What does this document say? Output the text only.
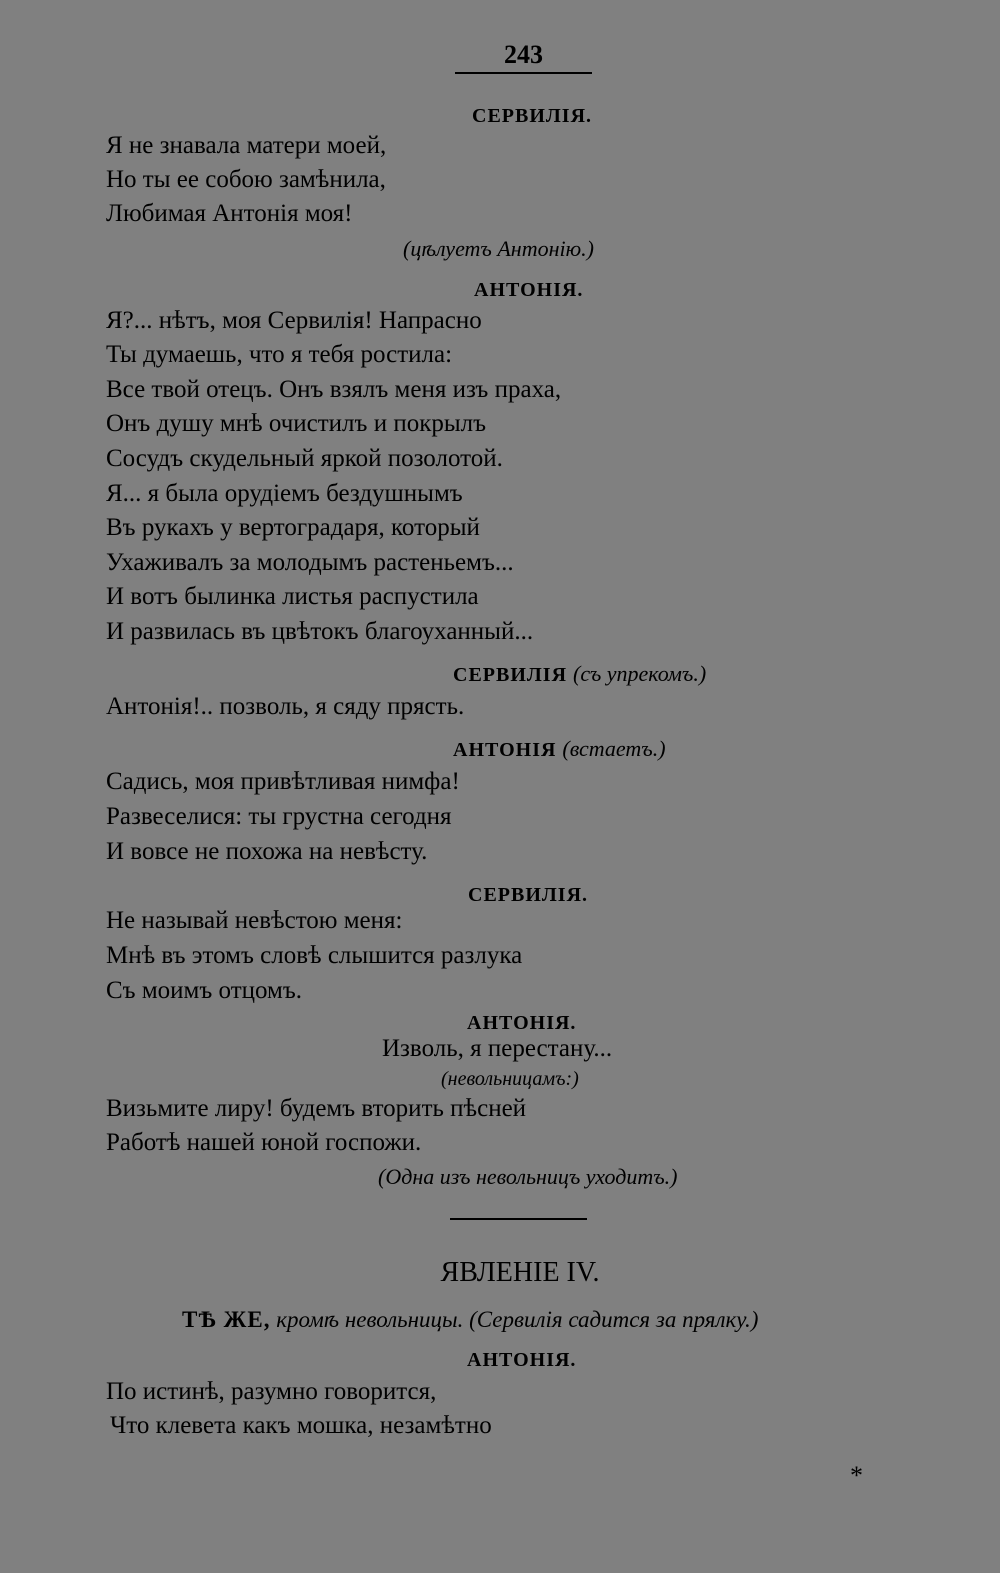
243
СЕРВИЛІЯ.
Я не знавала матери моей,
Но ты ее собою замѣнила,
Любимая Антонія моя!
(цѣлуетъ Антонію.)
АНТОНІЯ.
Я?... нѣтъ, моя Сервилія! Напрасно
Ты думаешь, что я тебя ростила:
Все твой отецъ. Онъ взялъ меня изъ праха,
Онъ душу мнѣ очистилъ и покрылъ
Сосудъ скудельный яркой позолотой.
Я... я была орудіемъ бездушнымъ
Въ рукахъ у вертоградаря, который
Ухаживалъ за молодымъ растеньемъ...
И вотъ былинка листья распустила
И развилась въ цвѣтокъ благоуханный...
СЕРВИЛІЯ (съ упрекомъ.)
Антонія!.. позволь, я сяду прясть.
АНТОНІЯ (встаетъ.)
Садись, моя привѣтливая нимфа!
Развеселися: ты грустна сегодня
И вовсе не похожа на невѣсту.
СЕРВИЛІЯ.
Не называй невѣстою меня:
Мнѣ въ этомъ словѣ слышится разлука
Съ моимъ отцомъ.
АНТОНІЯ.
Изволь, я перестану...
(невольницамъ:)
Визьмите лиру! будемъ вторить пѣсней
Работѣ нашей юной госпожи.
(Одна изъ невольницъ уходитъ.)
ЯВЛЕНІЕ IV.
ТѢ ЖЕ, кромѣ невольницы. (Сервилія садится за прялку.)
АНТОНІЯ.
По истинѣ, разумно говорится,
Что клевета какъ мошка, незамѣтно
*
